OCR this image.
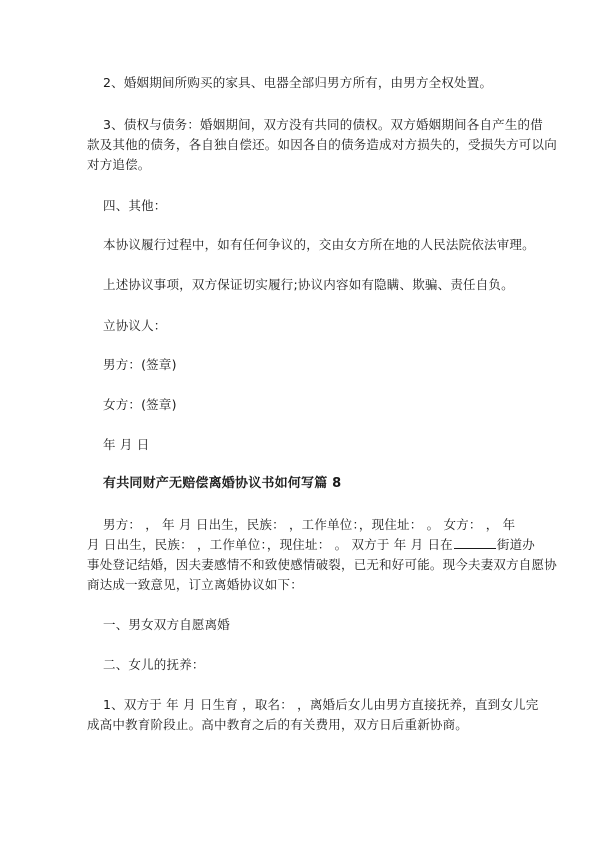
2、婚姻期间所购买的家具、电器全部归男方所有，由男方全权处置。
3、债权与债务：婚姻期间，双方没有共同的债权。双方婚姻期间各自产生的借
款及其他的债务，各自独自偿还。如因各自的债务造成对方损失的，受损失方可以向
对方追偿。
四、其他：
本协议履行过程中，如有任何争议的，交由女方所在地的人民法院依法审理。
上述协议事项，双方保证切实履行;协议内容如有隐瞒、欺骗、责任自负。
立协议人：
男方：(签章)
女方：(签章)
年 月 日
有共同财产无赔偿离婚协议书如何写篇 8
男方： ， 年 月 日出生，民族： ，工作单位：，现住址： 。 女方： ， 年
月 日出生，民族： ，工作单位：，现住址： 。 双方于 年 月 日在	街道办
事处登记结婚，因夫妻感情不和致使感情破裂，已无和好可能。现今夫妻双方自愿协
商达成一致意见，订立离婚协议如下：
一、男女双方自愿离婚
二、女儿的抚养：
1、双方于 年 月 日生育 ，取名： ，离婚后女儿由男方直接抚养，直到女儿完
成高中教育阶段止。高中教育之后的有关费用，双方日后重新协商。
